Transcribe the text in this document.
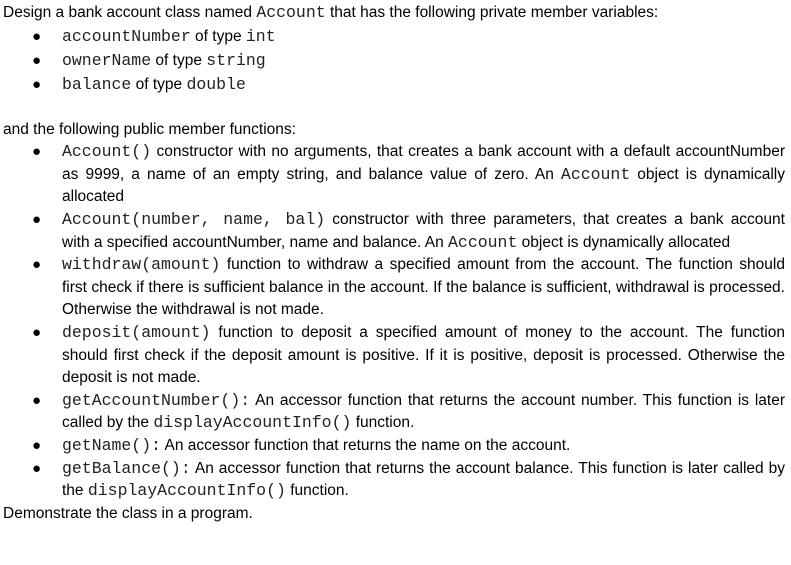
Design a bank account class named Account that has the following private member variables:

● accountNumber of type int
● ownerName of type string
● balance of type double

and the following public member functions:

● Account() constructor with no arguments, that creates a bank account with a default accountNumber as 9999, a name of an empty string, and balance value of zero. An Account object is dynamically allocated
● Account(number, name, bal) constructor with three parameters, that creates a bank account with a specified accountNumber, name and balance. An Account object is dynamically allocated
● withdraw(amount) function to withdraw a specified amount from the account. The function should first check if there is sufficient balance in the account. If the balance is sufficient, withdrawal is processed. Otherwise the withdrawal is not made.
● deposit(amount) function to deposit a specified amount of money to the account. The function should first check if the deposit amount is positive. If it is positive, deposit is processed. Otherwise the deposit is not made.
● getAccountNumber(): An accessor function that returns the account number. This function is later called by the displayAccountInfo() function.
● getName(): An accessor function that returns the name on the account.
● getBalance(): An accessor function that returns the account balance. This function is later called by the displayAccountInfo() function.

Demonstrate the class in a program.
